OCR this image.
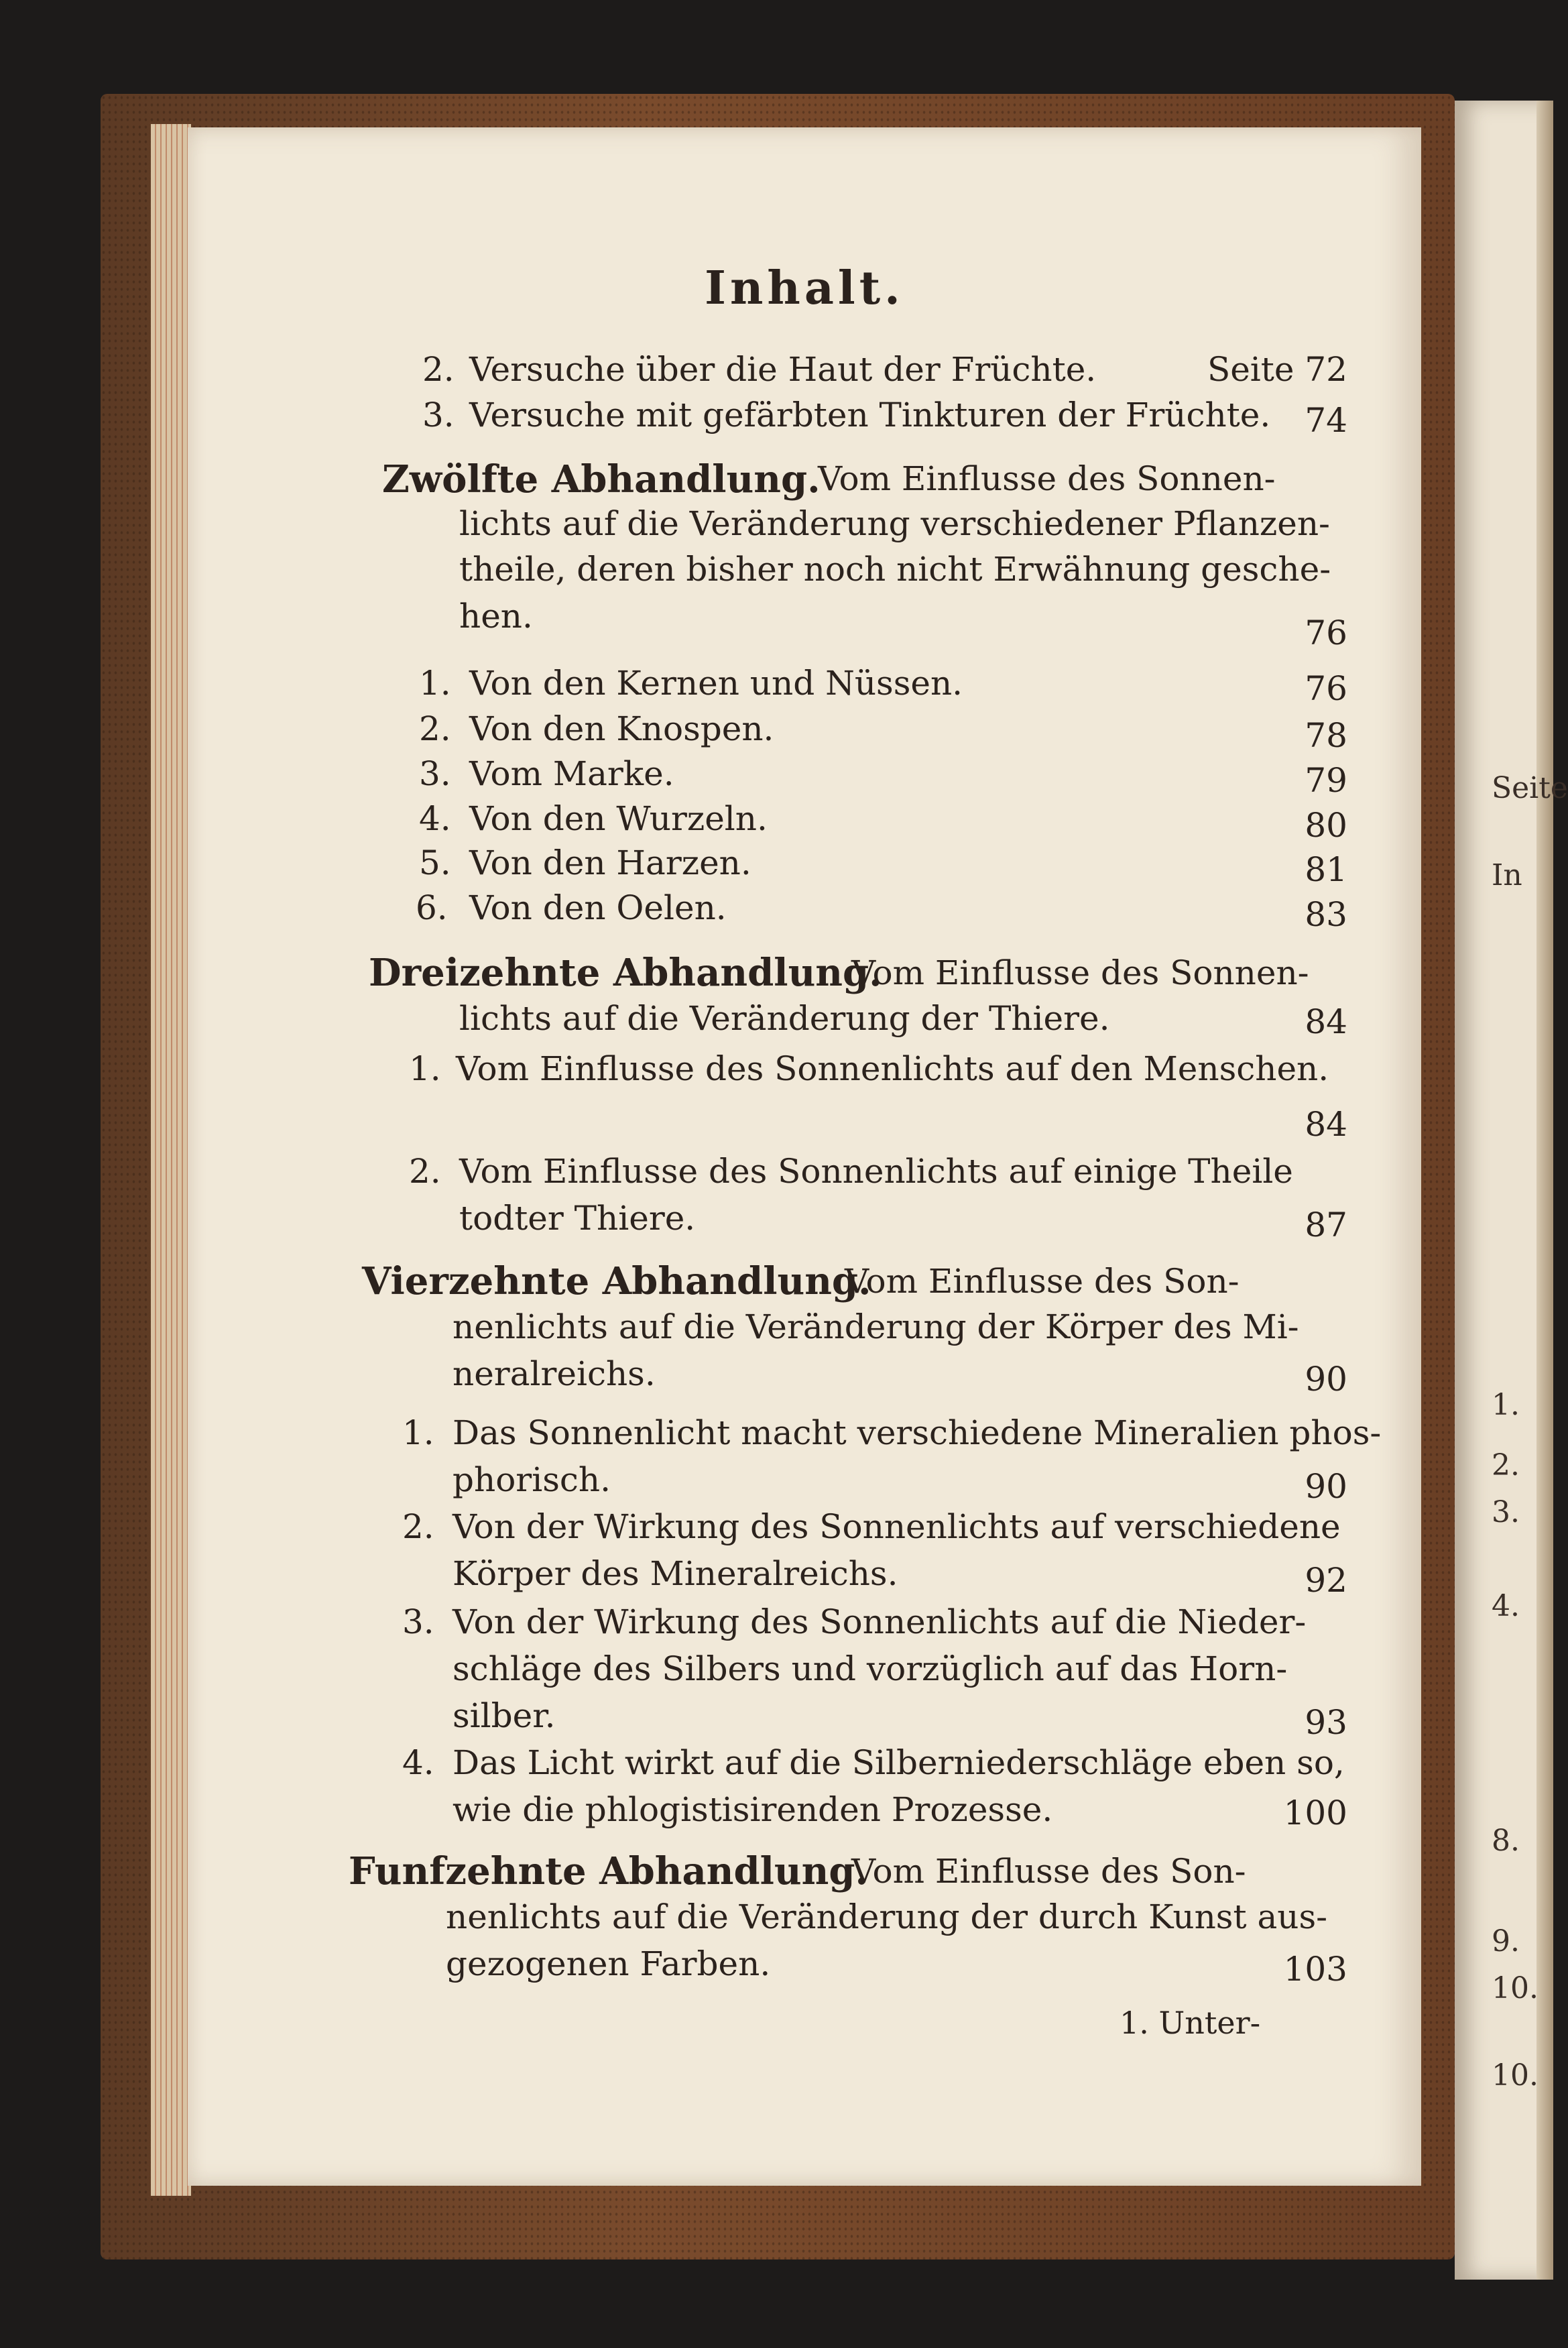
Seite
In
1.
2.
3.
4.
8.
9.
10.
10.
Inhalt.
2. Versuche über die Haut der Früchte.	Seite 72
3. Versuche mit gefärbten Tinkturen der Früchte.	74
Zwölfte Abhandlung.
Vom Einflusse des Sonnen-
lichts auf die Veränderung verschiedener Pflanzen-
theile, deren bisher noch nicht Erwähnung gesche-
hen.	76
1. Von den Kernen und Nüssen.	76
2. Von den Knospen.	78
3. Vom Marke.	79
4. Von den Wurzeln.	80
5. Von den Harzen.	81
6. Von den Oelen.	83
Dreizehnte Abhandlung.
Vom Einflusse des Sonnen-
lichts auf die Veränderung der Thiere.	84
1. Vom Einflusse des Sonnenlichts auf den Menschen.
84
2. Vom Einflusse des Sonnenlichts auf einige Theile
todter Thiere.	87
Vierzehnte Abhandlung.
Vom Einflusse des Son-
nenlichts auf die Veränderung der Körper des Mi-
neralreichs.	90
1. Das Sonnenlicht macht verschiedene Mineralien phos-
phorisch.	90
2. Von der Wirkung des Sonnenlichts auf verschiedene
Körper des Mineralreichs.	92
3. Von der Wirkung des Sonnenlichts auf die Nieder-
schläge des Silbers und vorzüglich auf das Horn-
silber.	93
4. Das Licht wirkt auf die Silberniederschläge eben so,
wie die phlogistisirenden Prozesse.	100
Funfzehnte Abhandlung.
Vom Einflusse des Son-
nenlichts auf die Veränderung der durch Kunst aus-
gezogenen Farben.	103
1. Unter-
